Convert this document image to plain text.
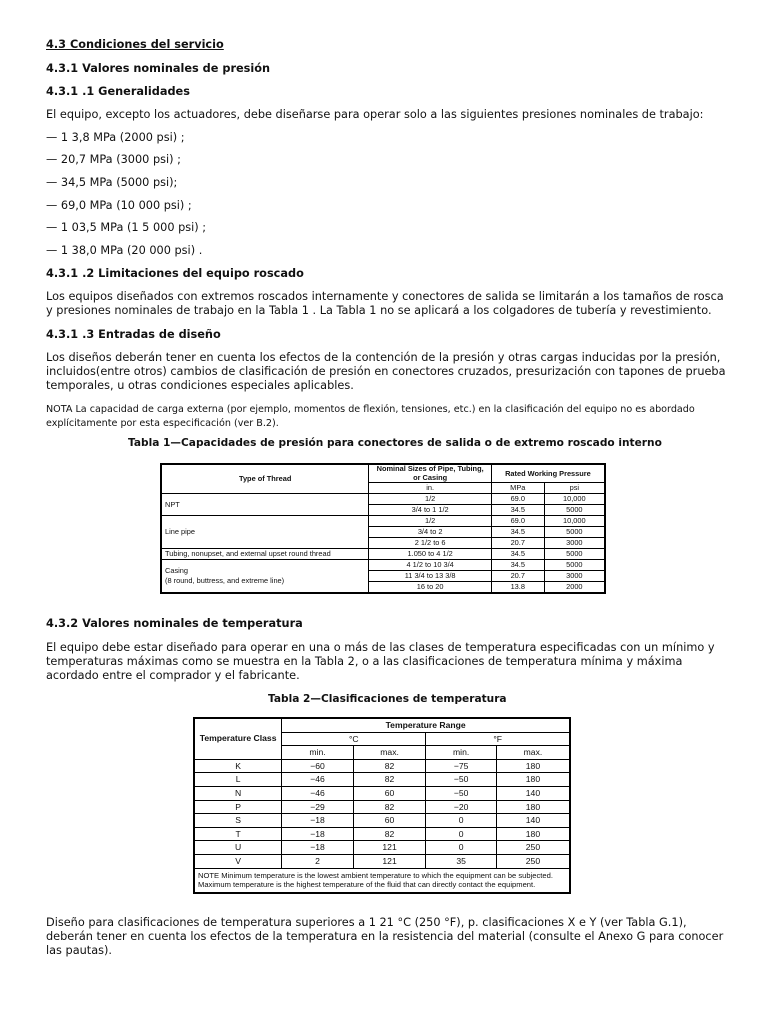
4.3 Condiciones del servicio
4.3.1 Valores nominales de presión
4.3.1 .1 Generalidades
El equipo, excepto los actuadores, debe diseñarse para operar solo a las siguientes presiones nominales de trabajo:
— 1 3,8 MPa (2000 psi) ;
— 20,7 MPa (3000 psi) ;
— 34,5 MPa (5000 psi);
— 69,0 MPa (10 000 psi) ;
— 1 03,5 MPa (1 5 000 psi) ;
— 1 38,0 MPa (20 000 psi) .
4.3.1 .2 Limitaciones del equipo roscado
Los equipos diseñados con extremos roscados internamente y conectores de salida se limitarán a los tamaños de rosca y presiones nominales de trabajo en la Tabla 1 . La Tabla 1 no se aplicará a los colgadores de tubería y revestimiento.
4.3.1 .3 Entradas de diseño
Los diseños deberán tener en cuenta los efectos de la contención de la presión y otras cargas inducidas por la presión, incluidos(entre otros) cambios de clasificación de presión en conectores cruzados, presurización con tapones de prueba temporales, u otras condiciones especiales aplicables.
NOTA La capacidad de carga externa (por ejemplo, momentos de flexión, tensiones, etc.) en la clasificación del equipo no es abordado explícitamente por esta especificación (ver B.2).
Tabla 1—Capacidades de presión para conectores de salida o de extremo roscado interno
Type of Thread	Nominal Sizes of Pipe, Tubing, or Casing	Rated Working Pressure	
	in.	MPa	psi
NPT	1/2	69.0	10,000
	3/4 to 1 1/2	34.5	5000
Line pipe	1/2	69.0	10,000
	3/4 to 2	34.5	5000
	2 1/2 to 6	20.7	3000
Tubing, nonupset, and external upset round thread	1.050 to 4 1/2	34.5	5000

Casing
(8 round, buttress, and extreme line)	4 1/2 to 10 3/4	34.5	5000
	11 3/4 to 13 3/8	20.7	3000
	16 to 20	13.8	2000
4.3.2 Valores nominales de temperatura
El equipo debe estar diseñado para operar en una o más de las clases de temperatura especificadas con un mínimo y temperaturas máximas como se muestra en la Tabla 2, o a las clasificaciones de temperatura mínima y máxima acordado entre el comprador y el fabricante.
Tabla 2—Clasificaciones de temperatura
Temperature Class	Temperature Range			
	°C		°F	
	min.	max.	min.	max.
K	−60	82	−75	180
L	−46	82	−50	180
N	−46	60	−50	140
P	−29	82	−20	180
S	−18	60	0	140
T	−18	82	0	180
U	−18	121	0	250
V	2	121	35	250
NOTE Minimum temperature is the lowest ambient temperature to which the equipment can be subjected. Maximum temperature is the highest temperature of the fluid that can directly contact the equipment.				
Diseño para clasificaciones de temperatura superiores a 1 21 °C (250 °F), p. clasificaciones X e Y (ver Tabla G.1), deberán tener en cuenta los efectos de la temperatura en la resistencia del material (consulte el Anexo G para conocer las pautas).
